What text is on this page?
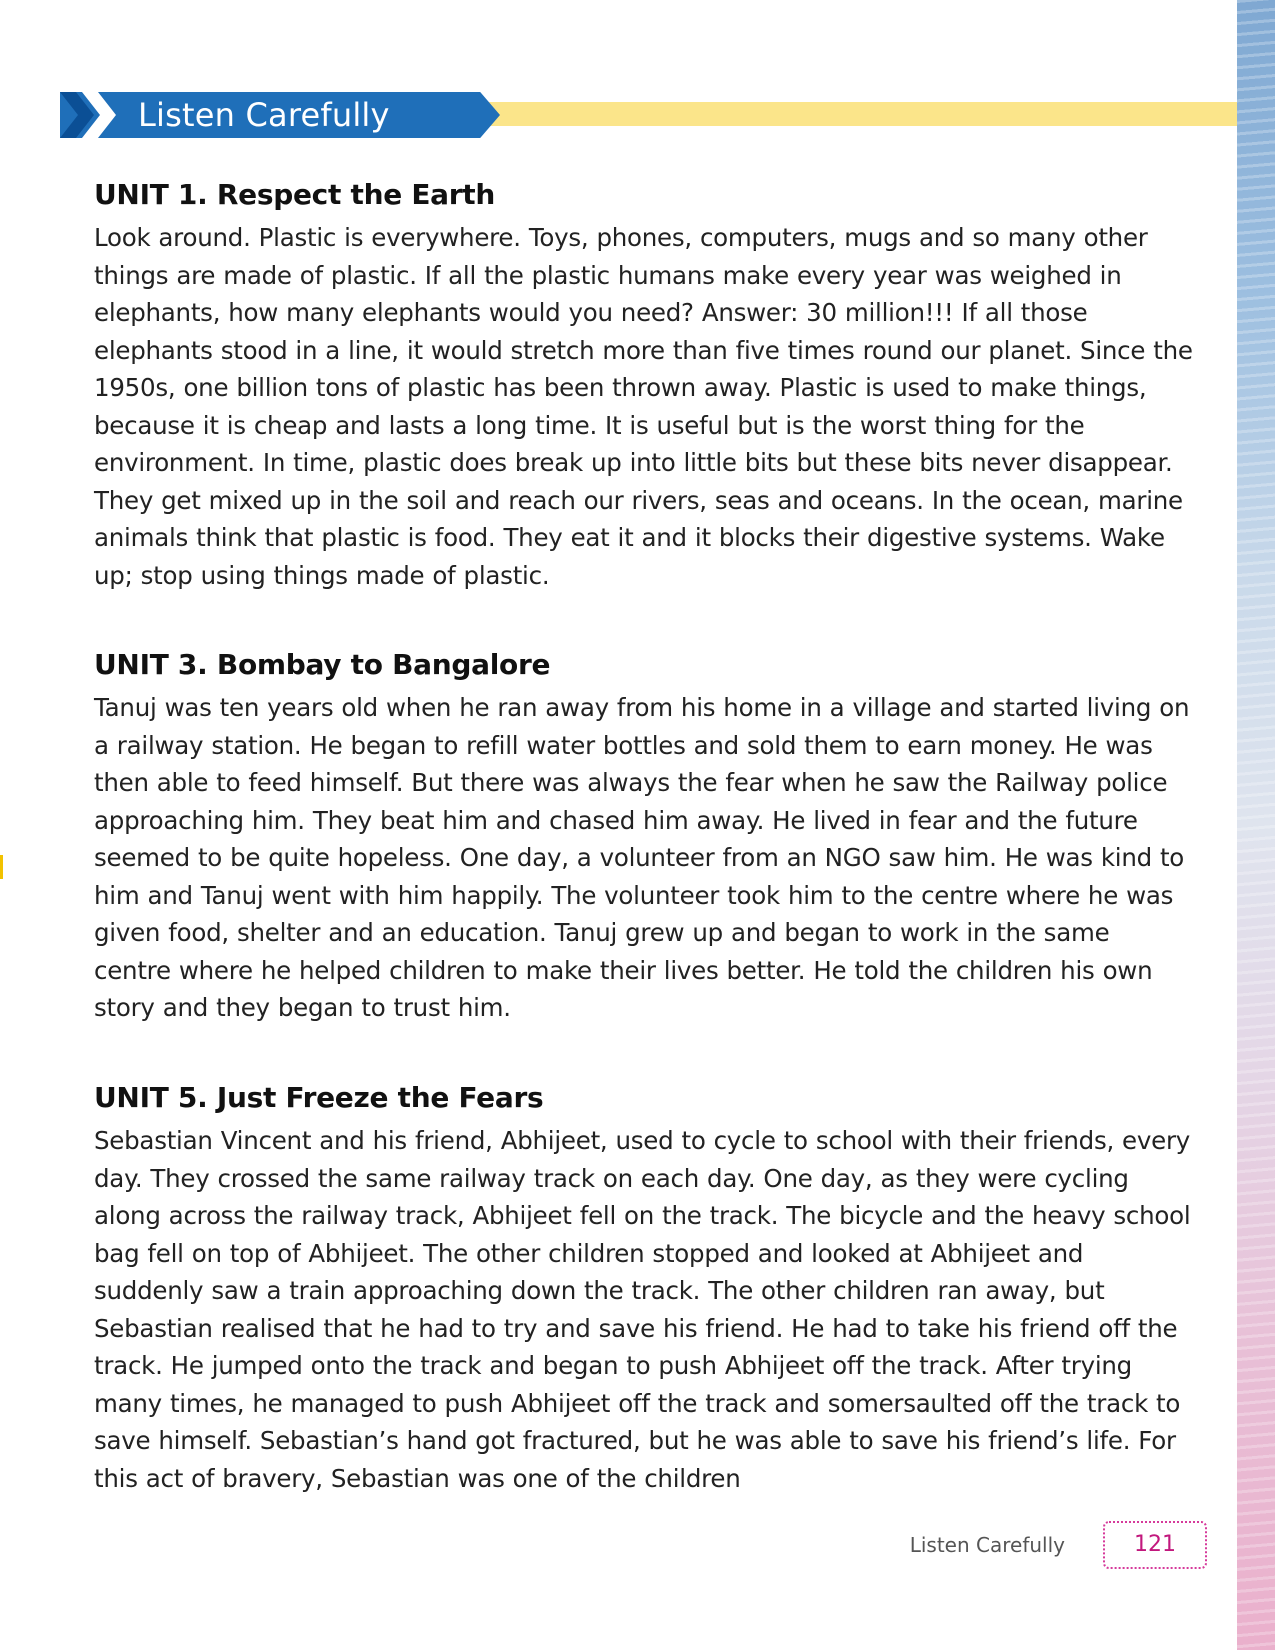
Listen Carefully
UNIT 1. Respect the Earth

Look around. Plastic is everywhere. Toys, phones, computers, mugs and so many other things are made of plastic. If all the plastic humans make every year was weighed in elephants, how many elephants would you need? Answer: 30 million!!! If all those elephants stood in a line, it would stretch more than five times round our planet. Since the 1950s, one billion tons of plastic has been thrown away. Plastic is used to make things, because it is cheap and lasts a long time. It is useful but is the worst thing for the environment. In time, plastic does break up into little bits but these bits never disappear. They get mixed up in the soil and reach our rivers, seas and oceans. In the ocean, marine animals think that plastic is food. They eat it and it blocks their digestive systems. Wake up; stop using things made of plastic.

UNIT 3. Bombay to Bangalore

Tanuj was ten years old when he ran away from his home in a village and started living on a railway station. He began to refill water bottles and sold them to earn money. He was then able to feed himself. But there was always the fear when he saw the Railway police approaching him. They beat him and chased him away. He lived in fear and the future seemed to be quite hopeless. One day, a volunteer from an NGO saw him. He was kind to him and Tanuj went with him happily. The volunteer took him to the centre where he was given food, shelter and an education. Tanuj grew up and began to work in the same centre where he helped children to make their lives better. He told the children his own story and they began to trust him.

UNIT 5. Just Freeze the Fears

Sebastian Vincent and his friend, Abhijeet, used to cycle to school with their friends, every day. They crossed the same railway track on each day. One day, as they were cycling along across the railway track, Abhijeet fell on the track. The bicycle and the heavy school bag fell on top of Abhijeet. The other children stopped and looked at Abhijeet and suddenly saw a train approaching down the track. The other children ran away, but Sebastian realised that he had to try and save his friend. He had to take his friend off the track. He jumped onto the track and began to push Abhijeet off the track. After trying many times, he managed to push Abhijeet off the track and somersaulted off the track to save himself. Sebastian’s hand got fractured, but he was able to save his friend’s life. For this act of bravery, Sebastian was one of the children

Listen Carefully	121
